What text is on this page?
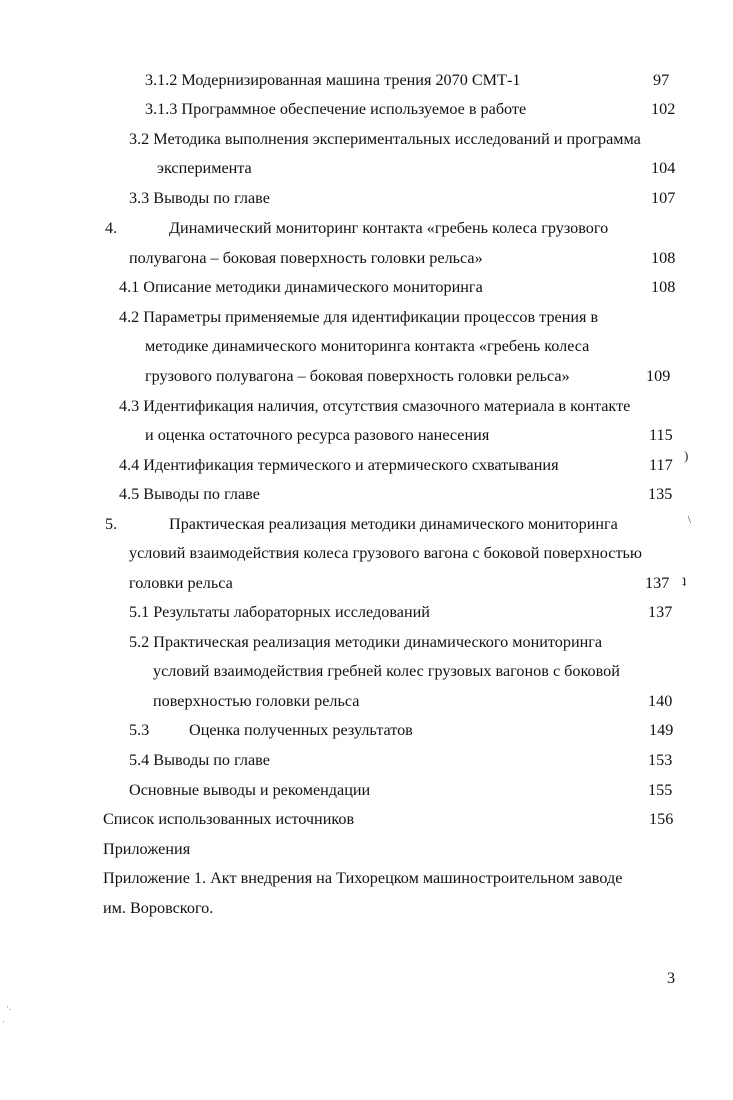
3.1.2 Модернизированная машина трения 2070 СМТ-1	97
3.1.3 Программное обеспечение используемое в работе	102
3.2 Методика выполнения экспериментальных исследований и программа
эксперимента	104
3.3 Выводы по главе	107
4.	Динамический мониторинг контакта «гребень колеса грузового
полувагона – боковая поверхность головки рельса»	108
4.1 Описание методики динамического мониторинга	108
4.2 Параметры применяемые для идентификации процессов трения в
методике динамического мониторинга контакта «гребень колеса
грузового полувагона – боковая поверхность головки рельса»	109
4.3 Идентификация наличия, отсутствия смазочного материала в контакте
и оценка остаточного ресурса разового нанесения	115
4.4 Идентификация термического и атермического схватывания	117
)
4.5 Выводы по главе	135
5.	Практическая реализация методики динамического мониторинга	\
условий взаимодействия колеса грузового вагона с боковой поверхностью
головки рельса	137 ʇ
5.1 Результаты лабораторных исследований	137
5.2 Практическая реализация методики динамического мониторинга
условий взаимодействия гребней колес грузовых вагонов с боковой
поверхностью головки рельса	140
5.3 Оценка полученных результатов	149
5.4 Выводы по главе	153
Основные выводы и рекомендации	155
Список использованных источников	156
Приложения
Приложение 1. Акт внедрения на Тихорецком машиностроительном заводе
им. Воровского.
3
·.
·
